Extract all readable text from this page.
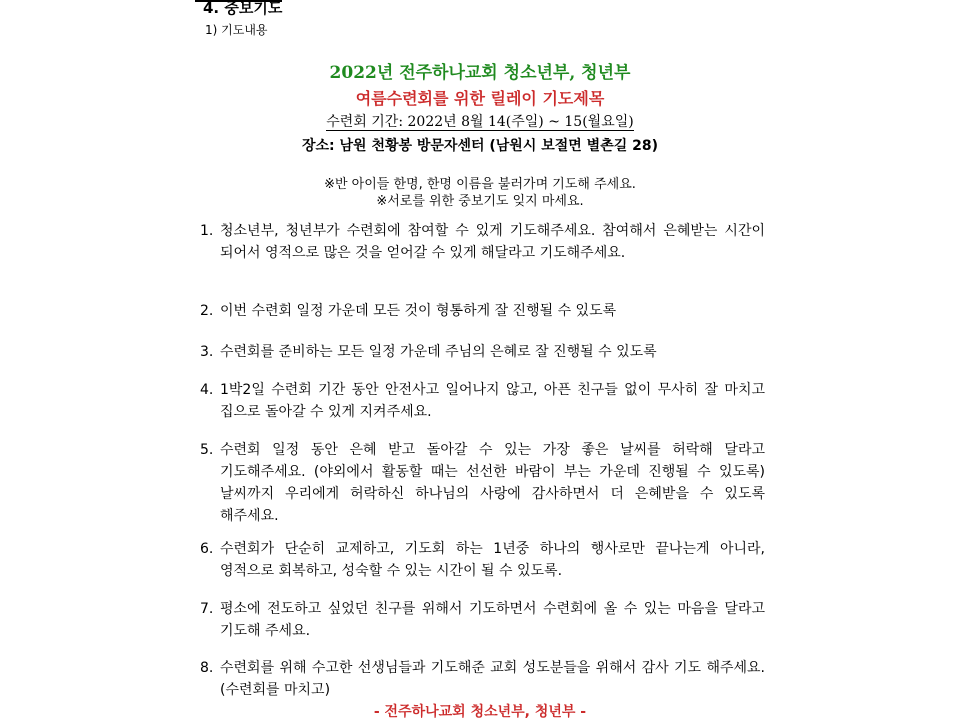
4. 중보기도
1) 기도내용
2022년 전주하나교회 청소년부, 청년부
여름수련회를 위한 릴레이 기도제목
수련회 기간: 2022년 8월 14(주일) ~ 15(월요일)
장소: 남원 천황봉 방문자센터 (남원시 보절면 별촌길 28)
※반 아이들 한명, 한명 이름을 불러가며 기도해 주세요.
※서로를 위한 중보기도 잊지 마세요.
1. 청소년부, 청년부가 수련회에 참여할 수 있게 기도해주세요. 참여해서 은혜받는 시간이 되어서 영적으로 많은 것을 얻어갈 수 있게 해달라고 기도해주세요.
2. 이번 수련회 일정 가운데 모든 것이 형통하게 잘 진행될 수 있도록
3. 수련회를 준비하는 모든 일정 가운데 주님의 은혜로 잘 진행될 수 있도록
4. 1박2일 수련회 기간 동안 안전사고 일어나지 않고, 아픈 친구들 없이 무사히 잘 마치고 집으로 돌아갈 수 있게 지켜주세요.
5. 수련회 일정 동안 은혜 받고 돌아갈 수 있는 가장 좋은 날씨를 허락해 달라고 기도해주세요. (야외에서 활동할 때는 선선한 바람이 부는 가운데 진행될 수 있도록) 날씨까지 우리에게 허락하신 하나님의 사랑에 감사하면서 더 은혜받을 수 있도록 해주세요.
6. 수련회가 단순히 교제하고, 기도회 하는 1년중 하나의 행사로만 끝나는게 아니라, 영적으로 회복하고, 성숙할 수 있는 시간이 될 수 있도록.
7. 평소에 전도하고 싶었던 친구를 위해서 기도하면서 수련회에 올 수 있는 마음을 달라고 기도해 주세요.
8. 수련회를 위해 수고한 선생님들과 기도해준 교회 성도분들을 위해서 감사 기도 해주세요.(수련회를 마치고)
- 전주하나교회 청소년부, 청년부 -
